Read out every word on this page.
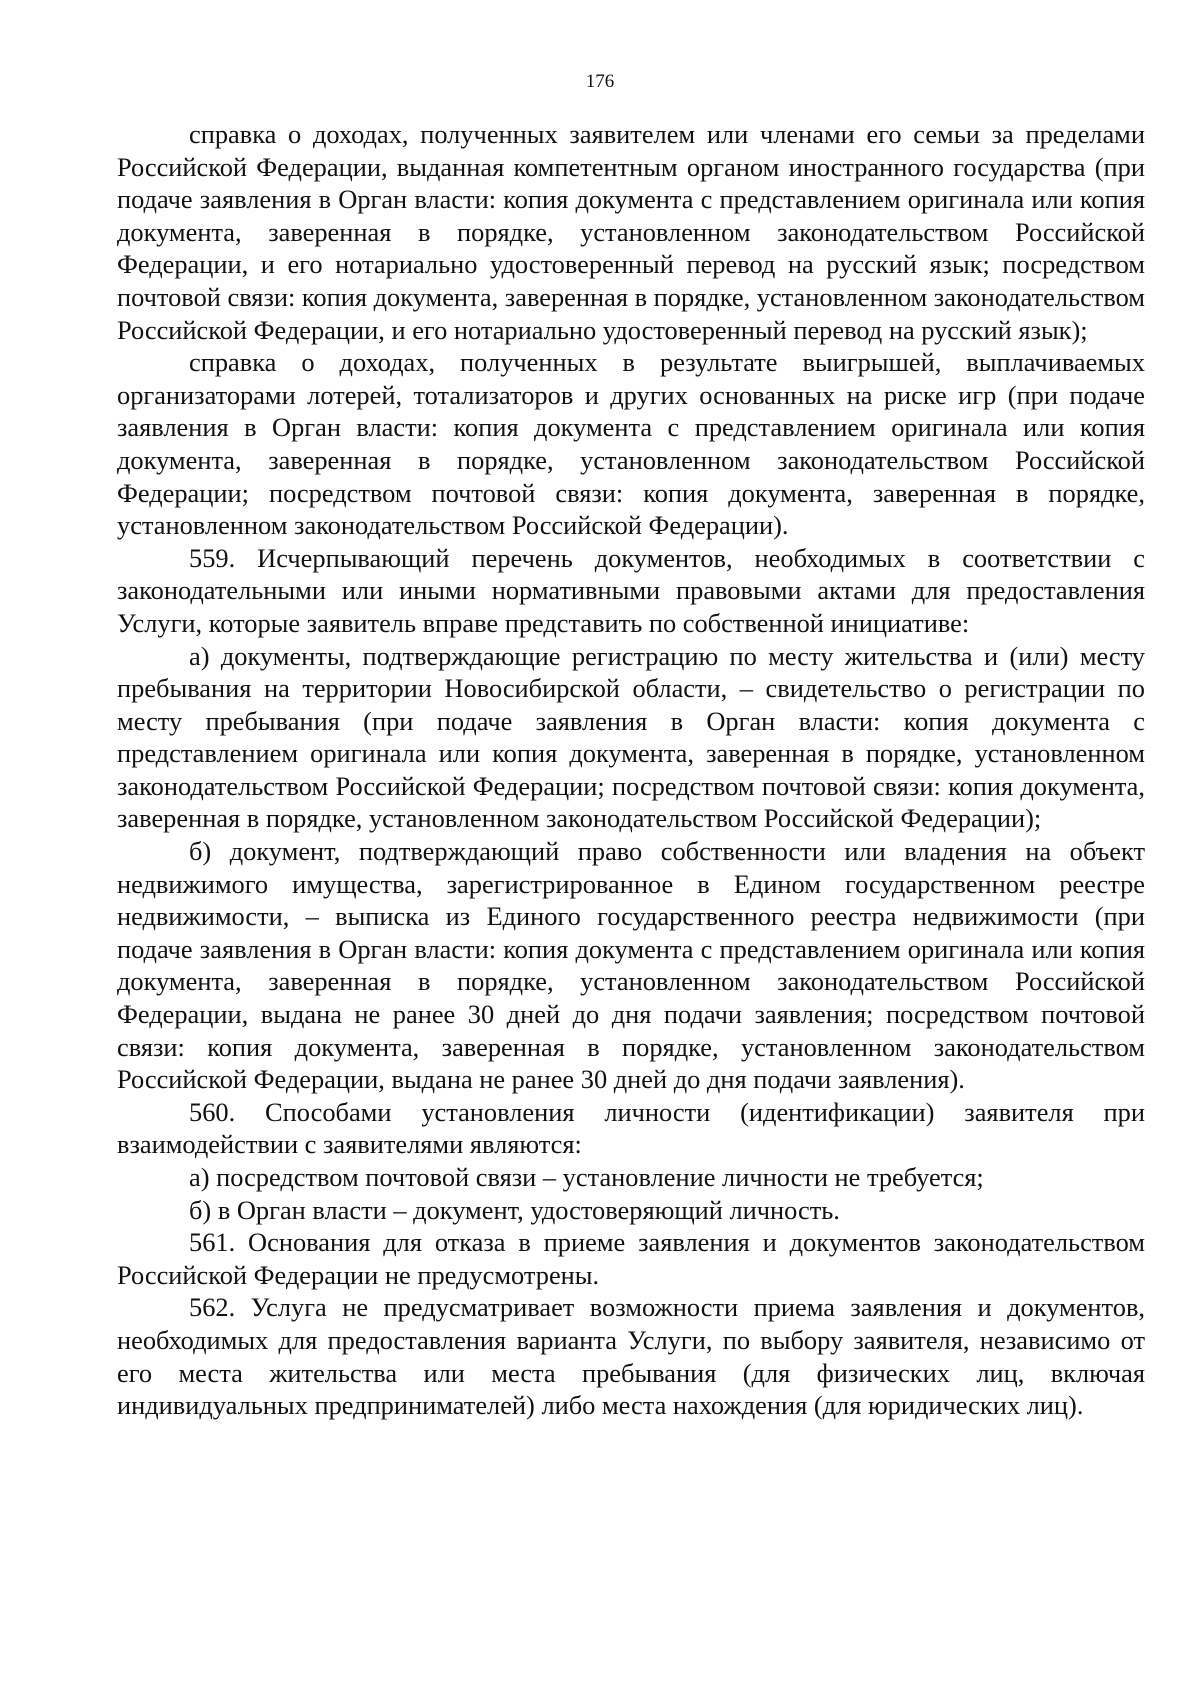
176

справка о доходах, полученных заявителем или членами его семьи за пределами Российской Федерации, выданная компетентным органом иностранного государства (при подаче заявления в Орган власти: копия документа с представлением оригинала или копия документа, заверенная в порядке, установленном законодательством Российской Федерации, и его нотариально удостоверенный перевод на русский язык; посредством почтовой связи: копия документа, заверенная в порядке, установленном законодательством Российской Федерации, и его нотариально удостоверенный перевод на русский язык);

справка о доходах, полученных в результате выигрышей, выплачиваемых организаторами лотерей, тотализаторов и других основанных на риске игр (при подаче заявления в Орган власти: копия документа с представлением оригинала или копия документа, заверенная в порядке, установленном законодательством Российской Федерации; посредством почтовой связи: копия документа, заверенная в порядке, установленном законодательством Российской Федерации).

559. Исчерпывающий перечень документов, необходимых в соответствии с законодательными или иными нормативными правовыми актами для предоставления Услуги, которые заявитель вправе представить по собственной инициативе:

а) документы, подтверждающие регистрацию по месту жительства и (или) месту пребывания на территории Новосибирской области, – свидетельство о регистрации по месту пребывания (при подаче заявления в Орган власти: копия документа с представлением оригинала или копия документа, заверенная в порядке, установленном законодательством Российской Федерации; посредством почтовой связи: копия документа, заверенная в порядке, установленном законодательством Российской Федерации);

б) документ, подтверждающий право собственности или владения на объект недвижимого имущества, зарегистрированное в Едином государственном реестре недвижимости, – выписка из Единого государственного реестра недвижимости (при подаче заявления в Орган власти: копия документа с представлением оригинала или копия документа, заверенная в порядке, установленном законодательством Российской Федерации, выдана не ранее 30 дней до дня подачи заявления; посредством почтовой связи: копия документа, заверенная в порядке, установленном законодательством Российской Федерации, выдана не ранее 30 дней до дня подачи заявления).

560. Способами установления личности (идентификации) заявителя при взаимодействии с заявителями являются:

а) посредством почтовой связи – установление личности не требуется;

б) в Орган власти – документ, удостоверяющий личность.

561. Основания для отказа в приеме заявления и документов законодательством Российской Федерации не предусмотрены.

562. Услуга не предусматривает возможности приема заявления и документов, необходимых для предоставления варианта Услуги, по выбору заявителя, независимо от его места жительства или места пребывания (для физических лиц, включая индивидуальных предпринимателей) либо места нахождения (для юридических лиц).
